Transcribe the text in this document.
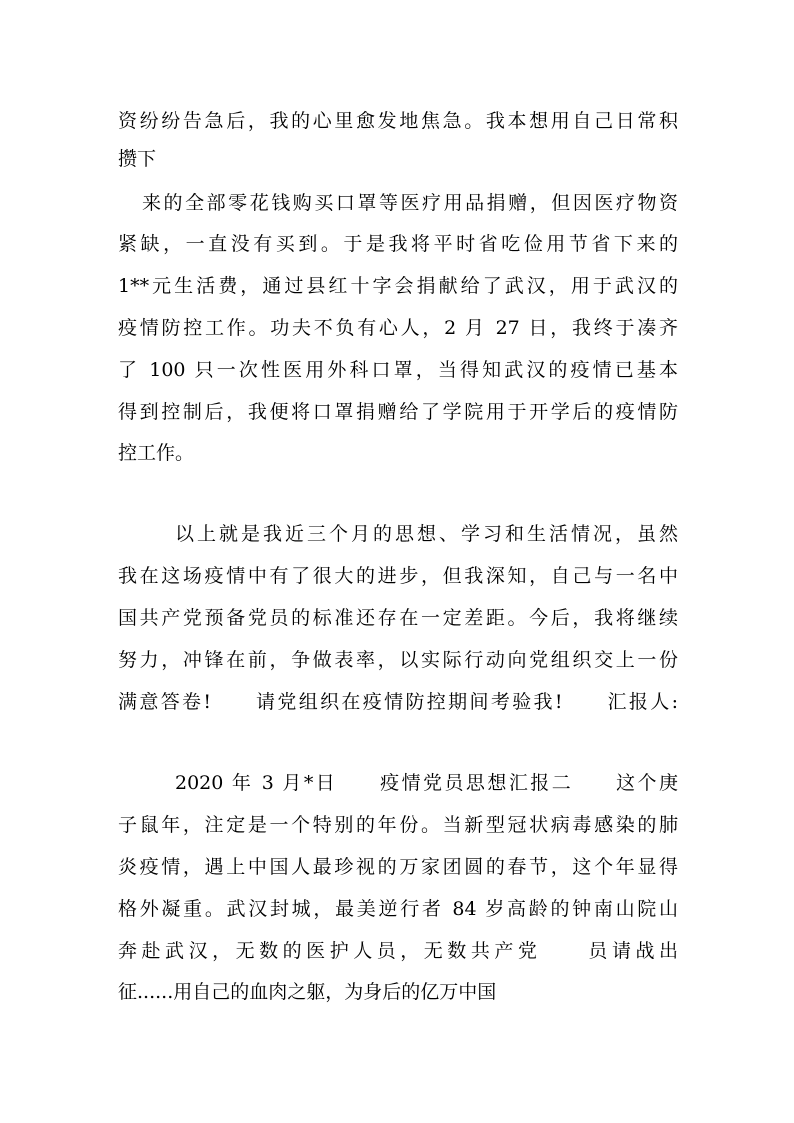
资纷纷告急后，我的心里愈发地焦急。我本想用自己日常积
攒下
来的全部零花钱购买口罩等医疗用品捐赠，但因医疗物资
紧缺，一直没有买到。于是我将平时省吃俭用节省下来的
1**元生活费，通过县红十字会捐献给了武汉，用于武汉的
疫情防控工作。功夫不负有心人，2 月 27 日，我终于凑齐
了 100 只一次性医用外科口罩，当得知武汉的疫情已基本
得到控制后，我便将口罩捐赠给了学院用于开学后的疫情防
控工作。
以上就是我近三个月的思想、学习和生活情况，虽然
我在这场疫情中有了很大的进步，但我深知，自己与一名中
国共产党预备党员的标准还存在一定差距。今后，我将继续
努力，冲锋在前，争做表率，以实际行动向党组织交上一份
满意答卷!　　请党组织在疫情防控期间考验我!　　汇报人:
2020 年 3 月*日　　疫情党员思想汇报二　　这个庚
子鼠年，注定是一个特别的年份。当新型冠状病毒感染的肺
炎疫情，遇上中国人最珍视的万家团圆的春节，这个年显得
格外凝重。武汉封城，最美逆行者 84 岁高龄的钟南山院山
奔赴武汉，无数的医护人员，无数共产党　　员请战出
征......用自己的血肉之躯，为身后的亿万中国
